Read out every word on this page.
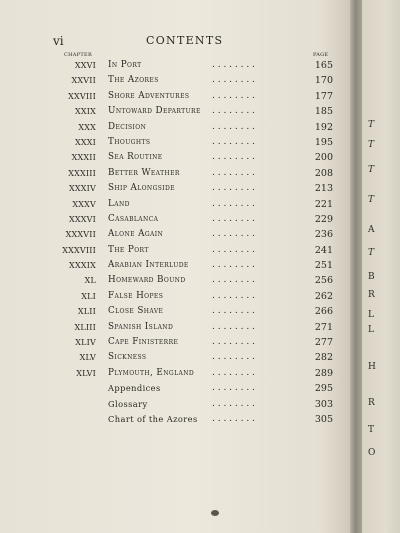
vi	CONTENTS
CHAPTER	PAGE
XXVI In Port	. . . . . . . .	165
XXVII The Azores	. . . . . . . .	170
XXVIII Shore Adventures	. . . . . . . .	177
XXIX Untoward Departure . . . . . . . .	185
XXX Decision	. . . . . . . .	192
XXXI Thoughts	. . . . . . . .	195
XXXII Sea Routine	. . . . . . . .	200
XXXIII Better Weather	. . . . . . . .	208
XXXIV Ship Alongside	. . . . . . . .	213
XXXV Land	. . . . . . . .	221
XXXVI Casablanca	. . . . . . . .	229
XXXVII Alone Again	. . . . . . . .	236
XXXVIII The Port	. . . . . . . .	241
XXXIX Arabian Interlude	. . . . . . . .	251
XL Homeward Bound	. . . . . . . .	256
XLI False Hopes	. . . . . . . .	262
XLII Close Shave	. . . . . . . .	266
XLIII Spanish Island	. . . . . . . .	271
XLIV Cape Finisterre	. . . . . . . .	277
XLV Sickness	. . . . . . . .	282
XLVI Plymouth, England . . . . . . . .	289
Appendices	. . . . . . . .	295
Glossary	. . . . . . . .	303
Chart of the Azores . . . . . . . .	305
T
T
T
T
A
T
B
R
L
L
H
R
T
O
